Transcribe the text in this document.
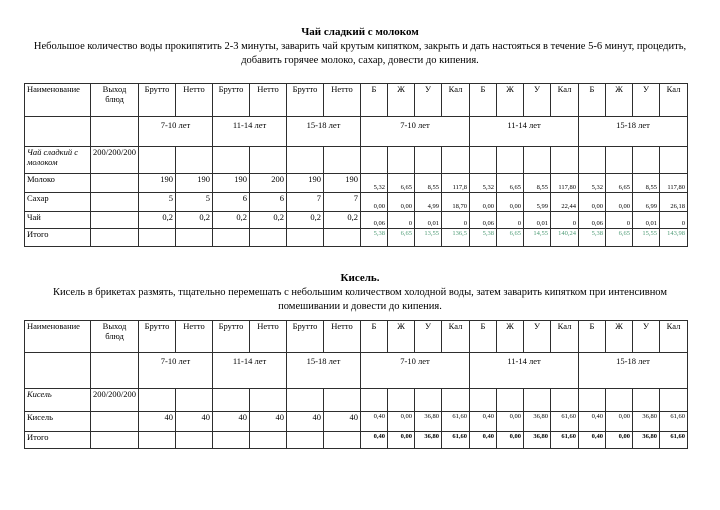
Чай сладкий с молоком

Небольшое количество воды прокипятить 2-3 минуты, заварить чай крутым кипятком, закрыть и дать настояться в течение 5-6 минут, процедить, добавить горячее молоко, сахар, довести до кипения.

Наименование	Выход блюд	Брутто	Нетто	Брутто	Нетто	Брутто	Нетто	Б	Ж	У	Кал	Б	Ж	У	Кал	Б	Ж	У	Кал
		7-10 лет		11-14 лет		15-18 лет		7-10 лет				11-14 лет				15-18 лет			
Чай сладкий с молоком	200/200/200																		
Молоко		190	190	190	200	190	190	5,32	6,65	8,55	117,8	5,32	6,65	8,55	117,80	5,32	6,65	8,55	117,80
Сахар		5	5	6	6	7	7	0,00	0,00	4,99	18,70	0,00	0,00	5,99	22,44	0,00	0,00	6,99	26,18
Чай		0,2	0,2	0,2	0,2	0,2	0,2	0,06	0	0,01	0	0,06	0	0,01	0	0,06	0	0,01	0
Итого								5,38	6,65	13,55	136,5	5,38	6,65	14,55	140,24	5,38	6,65	15,55	143,98
Кисель.

Кисель в брикетах размять, тщательно перемешать с небольшим количеством холодной воды, затем заварить кипятком при интенсивном помешивании и довести до кипения.

Наименование	Выход блюд	Брутто	Нетто	Брутто	Нетто	Брутто	Нетто	Б	Ж	У	Кал	Б	Ж	У	Кал	Б	Ж	У	Кал
		7-10 лет		11-14 лет		15-18 лет		7-10 лет				11-14 лет				15-18 лет			
Кисель	200/200/200																		
Кисель		40	40	40	40	40	40	0,40	0,00	36,80	61,60	0,40	0,00	36,80	61,60	0,40	0,00	36,80	61,60
Итого								0,40	0,00	36,80	61,60	0,40	0,00	36,80	61,60	0,40	0,00	36,80	61,60
